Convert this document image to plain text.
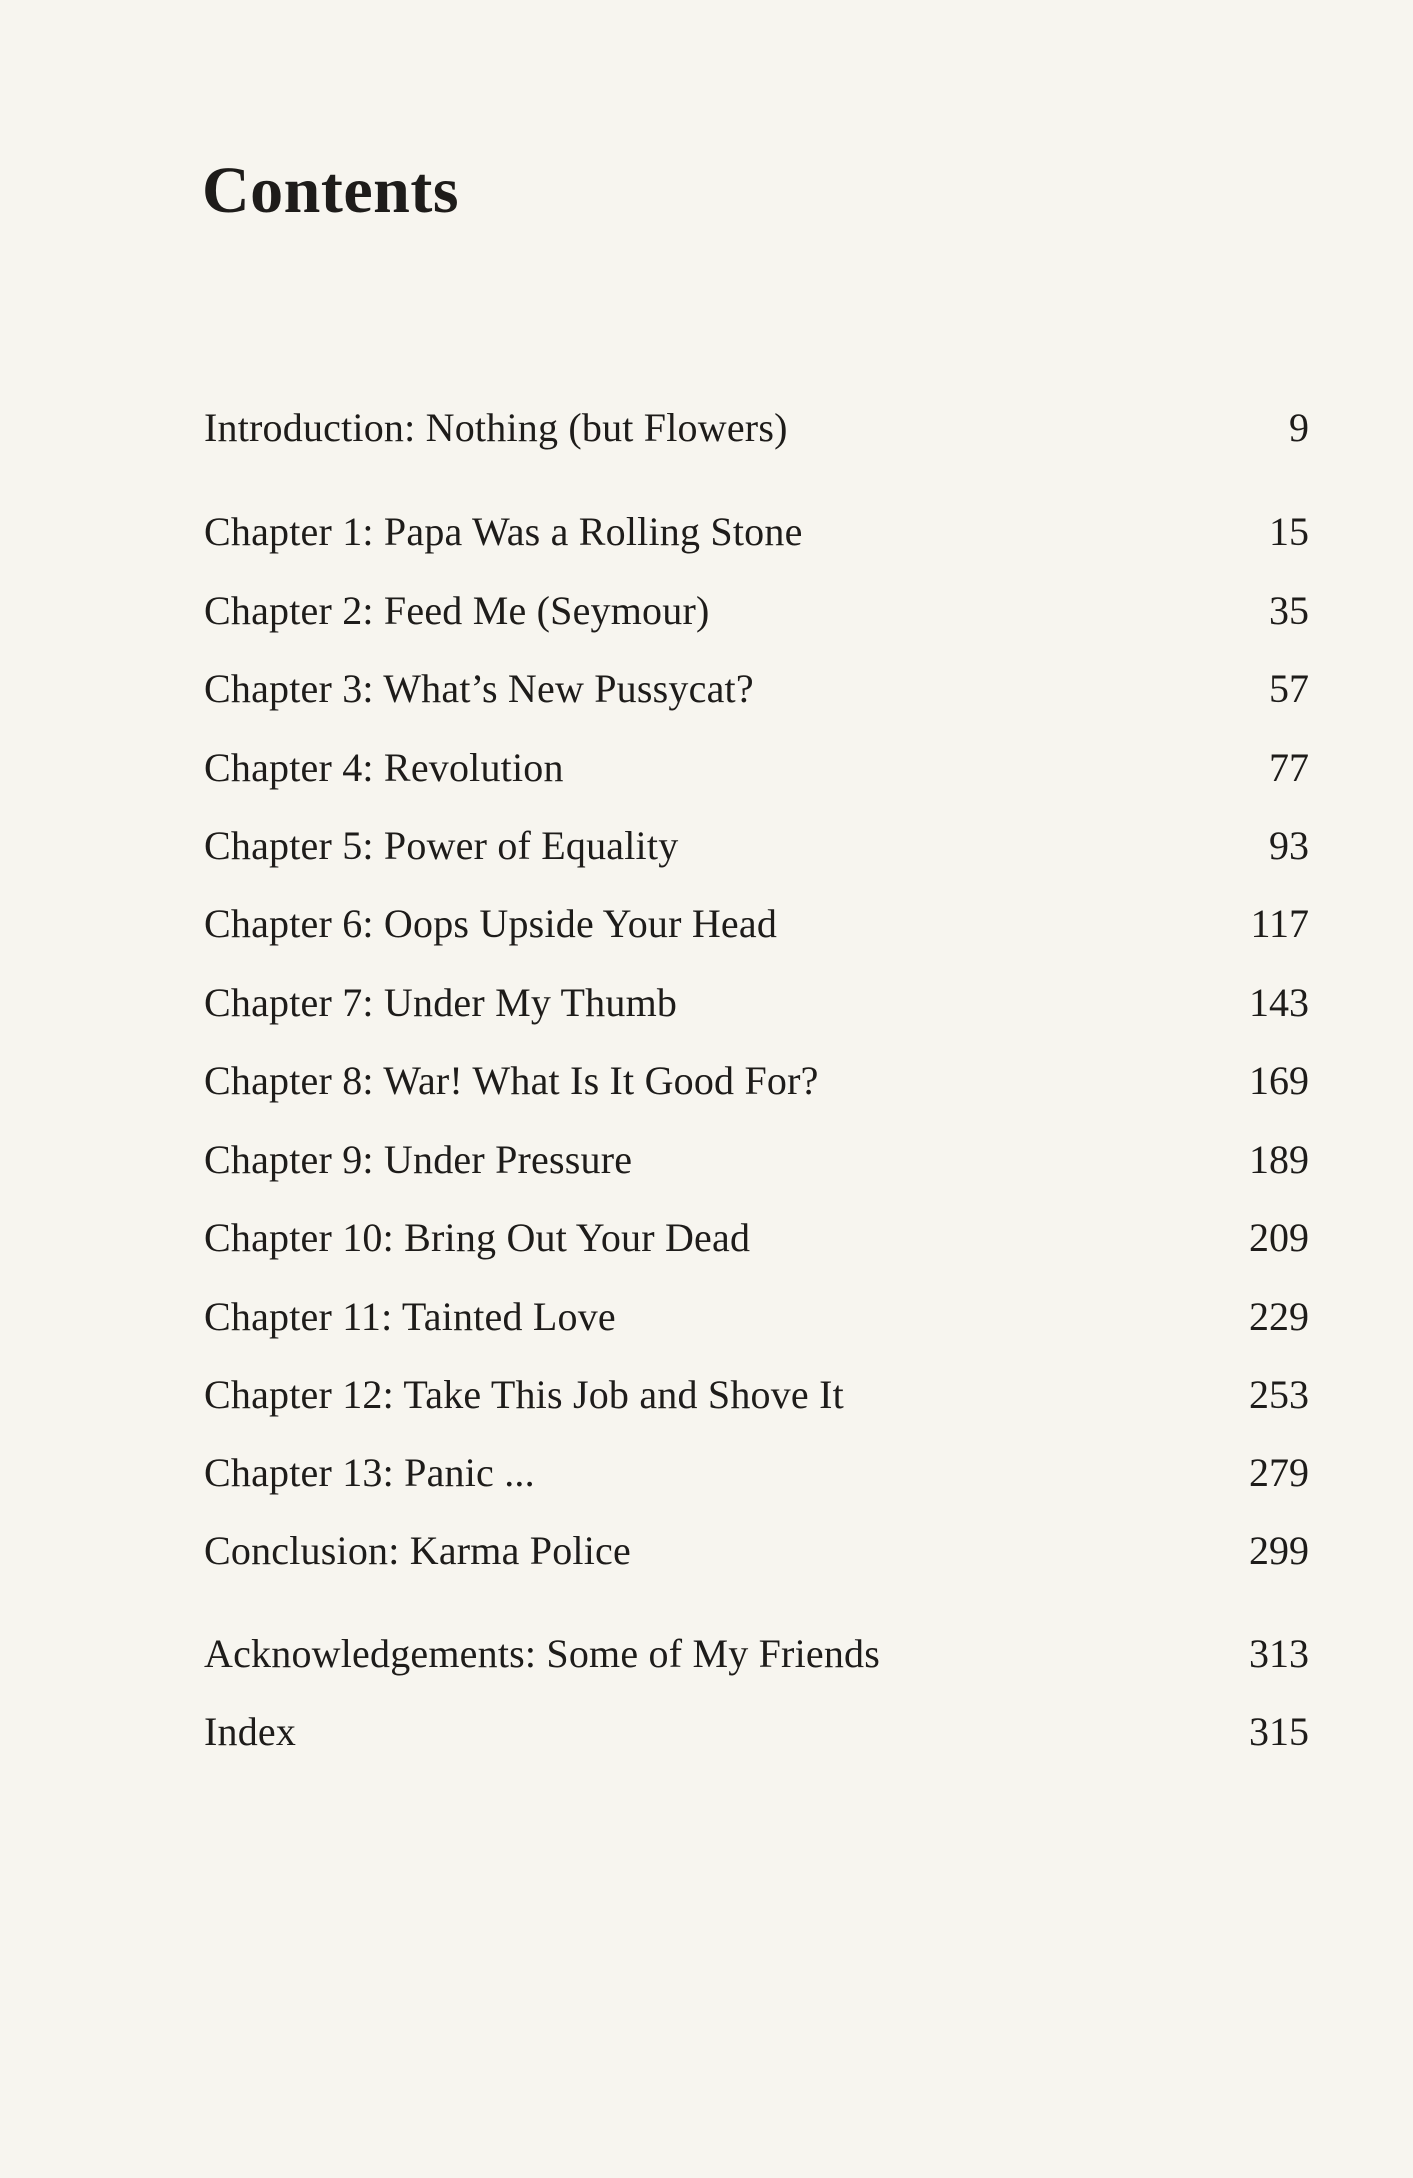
Contents
Introduction: Nothing (but Flowers)	9
Chapter 1: Papa Was a Rolling Stone	15
Chapter 2: Feed Me (Seymour)	35
Chapter 3: What’s New Pussycat?	57
Chapter 4: Revolution	77
Chapter 5: Power of Equality	93
Chapter 6: Oops Upside Your Head	117
Chapter 7: Under My Thumb	143
Chapter 8: War! What Is It Good For?	169
Chapter 9: Under Pressure	189
Chapter 10: Bring Out Your Dead	209
Chapter 11: Tainted Love	229
Chapter 12: Take This Job and Shove It	253
Chapter 13: Panic ...	279
Conclusion: Karma Police	299
Acknowledgements: Some of My Friends	313
Index	315
